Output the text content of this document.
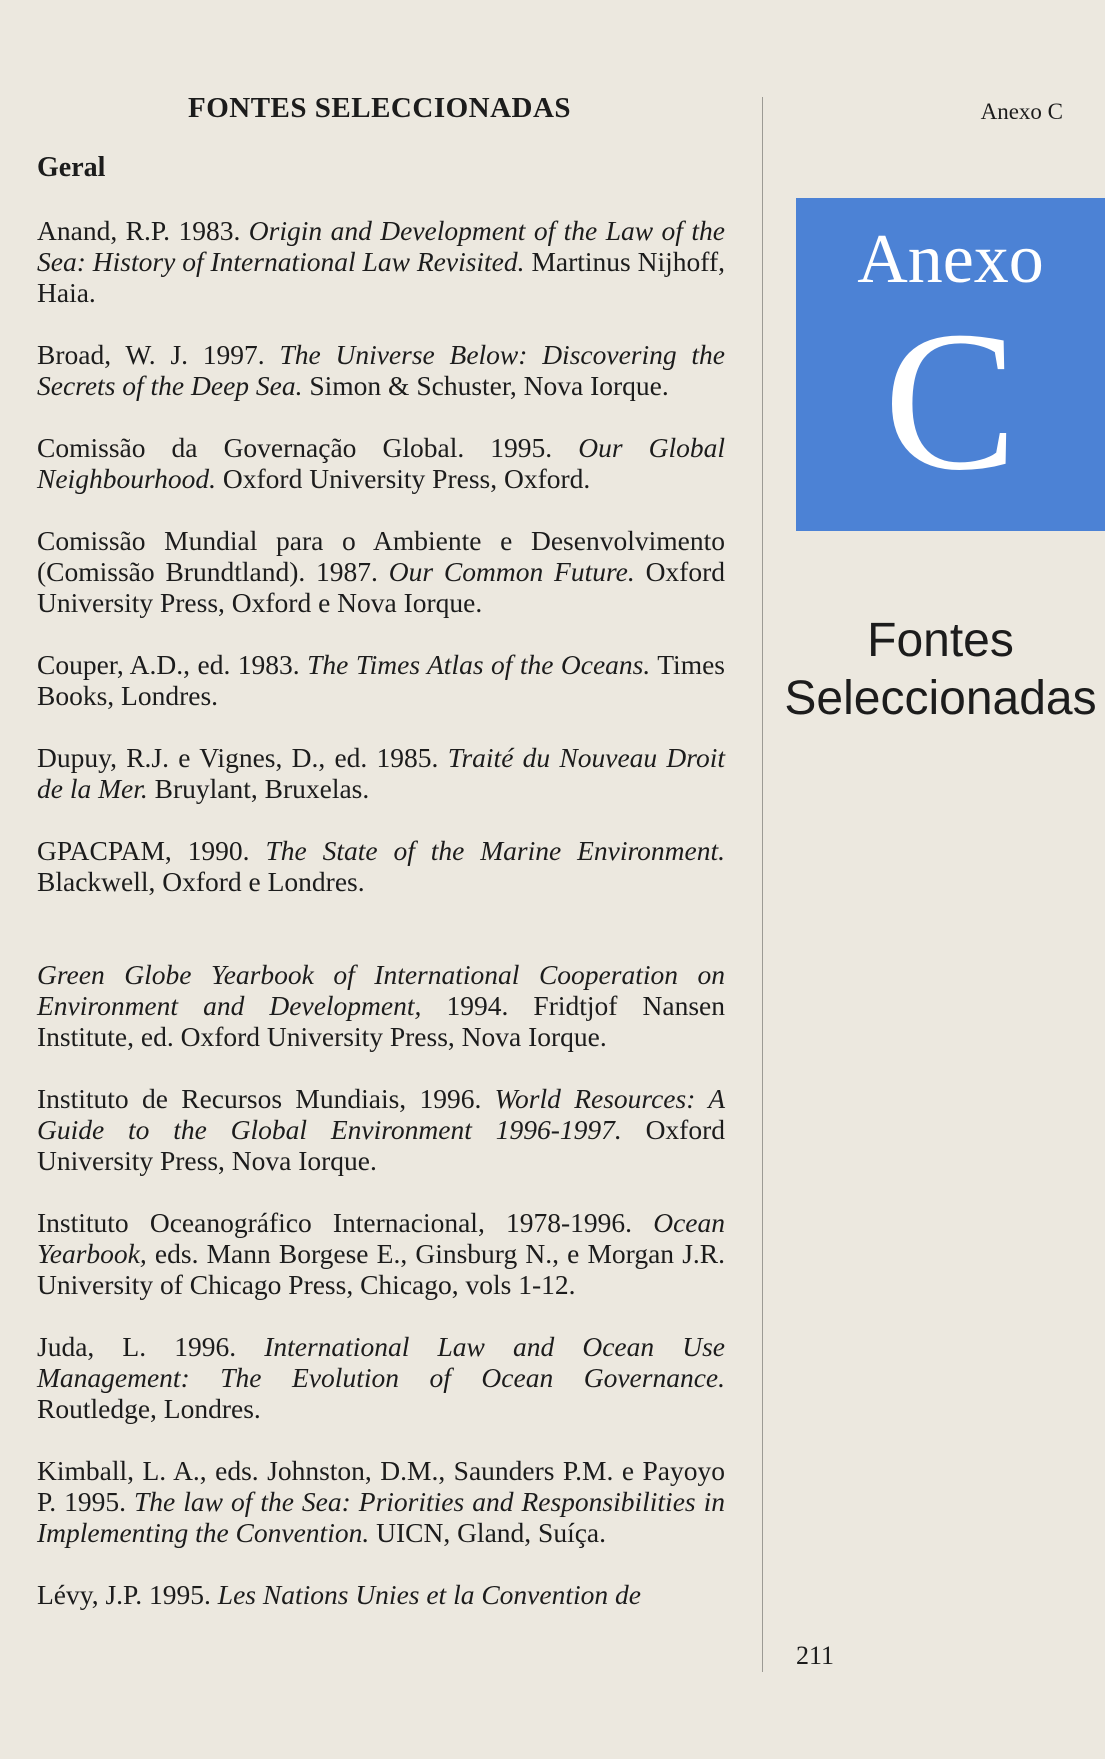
FONTES SELECCIONADAS
Geral

Anand, R.P. 1983. Origin and Development of the Law of the Sea: History of International Law Revisited. Martinus Nijhoff, Haia.

Broad, W. J. 1997. The Universe Below: Discovering the Secrets of the Deep Sea. Simon & Schuster, Nova Iorque.

Comissão da Governação Global. 1995. Our Global Neighbourhood. Oxford University Press, Oxford.

Comissão Mundial para o Ambiente e Desenvolvimento (Comissão Brundtland). 1987. Our Common Future. Oxford University Press, Oxford e Nova Iorque.

Couper, A.D., ed. 1983. The Times Atlas of the Oceans. Times Books, Londres.

Dupuy, R.J. e Vignes, D., ed. 1985. Traité du Nouveau Droit de la Mer. Bruylant, Bruxelas.

GPACPAM, 1990. The State of the Marine Environment. Blackwell, Oxford e Londres.

Green Globe Yearbook of International Cooperation on Environment and Development, 1994. Fridtjof Nansen Institute, ed. Oxford University Press, Nova Iorque.

Instituto de Recursos Mundiais, 1996. World Resources: A Guide to the Global Environment 1996-1997. Oxford University Press, Nova Iorque.

Instituto Oceanográfico Internacional, 1978-1996. Ocean Yearbook, eds. Mann Borgese E., Ginsburg N., e Morgan J.R. University of Chicago Press, Chicago, vols 1-12.

Juda, L. 1996. International Law and Ocean Use Management: The Evolution of Ocean Governance. Routledge, Londres.

Kimball, L. A., eds. Johnston, D.M., Saunders P.M. e Payoyo P. 1995. The law of the Sea: Priorities and Responsibilities in Implementing the Convention. UICN, Gland, Suíça.

Lévy, J.P. 1995. Les Nations Unies et la Convention de

Anexo C

Anexo
C
Fontes
Seleccionadas

211
